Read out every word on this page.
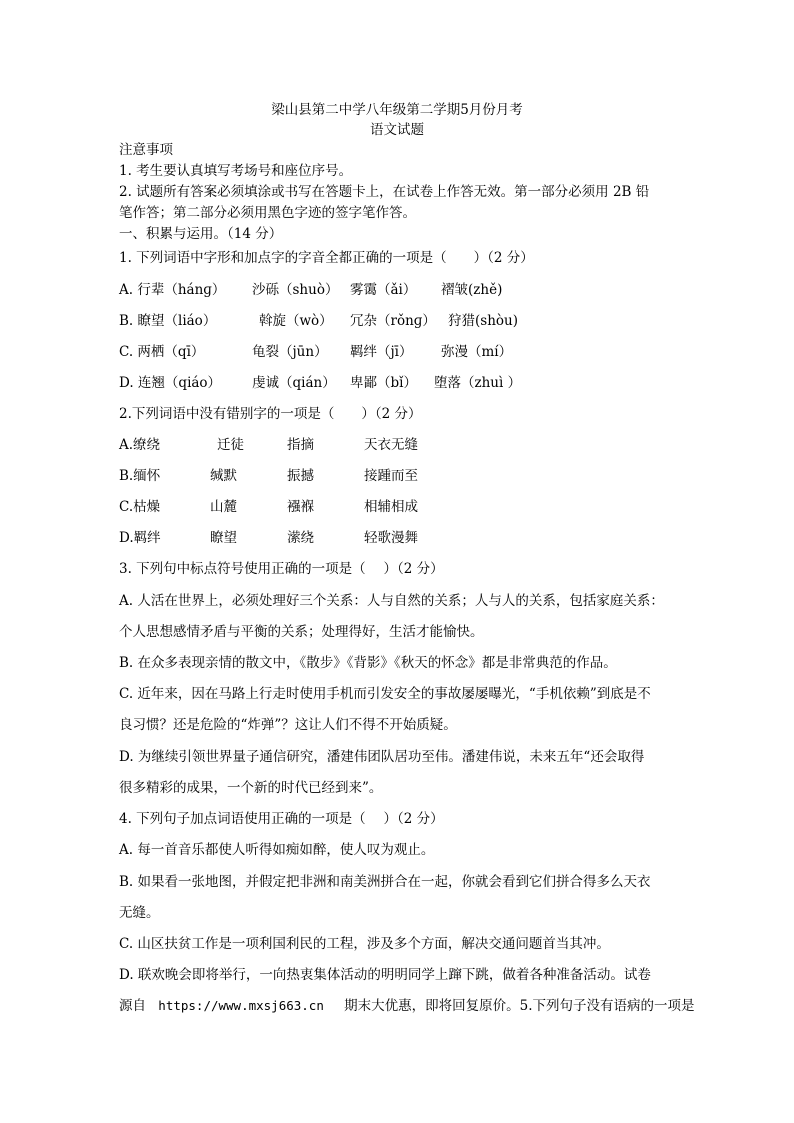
梁山县第二中学八年级第二学期5月份月考
语文试题
注意事项
1. 考生要认真填写考场号和座位序号。
2. 试题所有答案必须填涂或书写在答题卡上，在试卷上作答无效。第一部分必须用 2B 铅
笔作答；第二部分必须用黑色字迹的签字笔作答。
一、积累与运用。（14 分）
1. 下列词语中字形和加点字的字音全都正确的一项是（　　）（2 分）
A. 行辈（hánɡ） 沙砾（shuò） 雾霭（ǎi） 褶皱(zhě)
B. 瞭望（liáo）	斡旋（wò） 冗杂（rǒnɡ） 狩猎(shòu)
C. 两栖（qī）	龟裂（jūn） 羁绊（jī） 弥漫（mí）
D. 连翘（qiáo） 虔诚（qián） 卑鄙（bǐ） 堕落（zhuì ）
2.下列词语中没有错别字的一项是（　　）（2 分）
A.缭绕	迁徒	指摘	天衣无缝
B.缅怀	缄默	振撼	接踵而至
C.枯燥	山麓	襁褓	相辅相成
D.羁绊	瞭望	潆绕	轻歌漫舞
3. 下列句中标点符号使用正确的一项是（　 ）（2 分）
A. 人活在世界上，必须处理好三个关系：人与自然的关系；人与人的关系，包括家庭关系：
个人思想感情矛盾与平衡的关系；处理得好，生活才能愉快。
B. 在众多表现亲情的散文中，《散步》《背影》《秋天的怀念》都是非常典范的作品。
C. 近年来，因在马路上行走时使用手机而引发安全的事故屡屡曝光，“手机依赖”到底是不
良习惯？还是危险的“炸弹”？这让人们不得不开始质疑。
D. 为继续引领世界量子通信研究，潘建伟团队居功至伟。潘建伟说，未来五年“还会取得
很多精彩的成果，一个新的时代已经到来”。
4. 下列句子加点词语使用正确的一项是（　 ）（2 分）
A. 每一首音乐都使人听得如痴如醉，使人叹为观止。
B. 如果看一张地图，并假定把非洲和南美洲拼合在一起，你就会看到它们拼合得多么天衣
无缝。
C. 山区扶贫工作是一项利国利民的工程，涉及多个方面，解决交通问题首当其冲。
D. 联欢晚会即将举行，一向热衷集体活动的明明同学上蹿下跳，做着各种准备活动。试卷
源自 https://www.mxsj663.cn 期末大优惠，即将回复原价。5.下列句子没有语病的一项是
